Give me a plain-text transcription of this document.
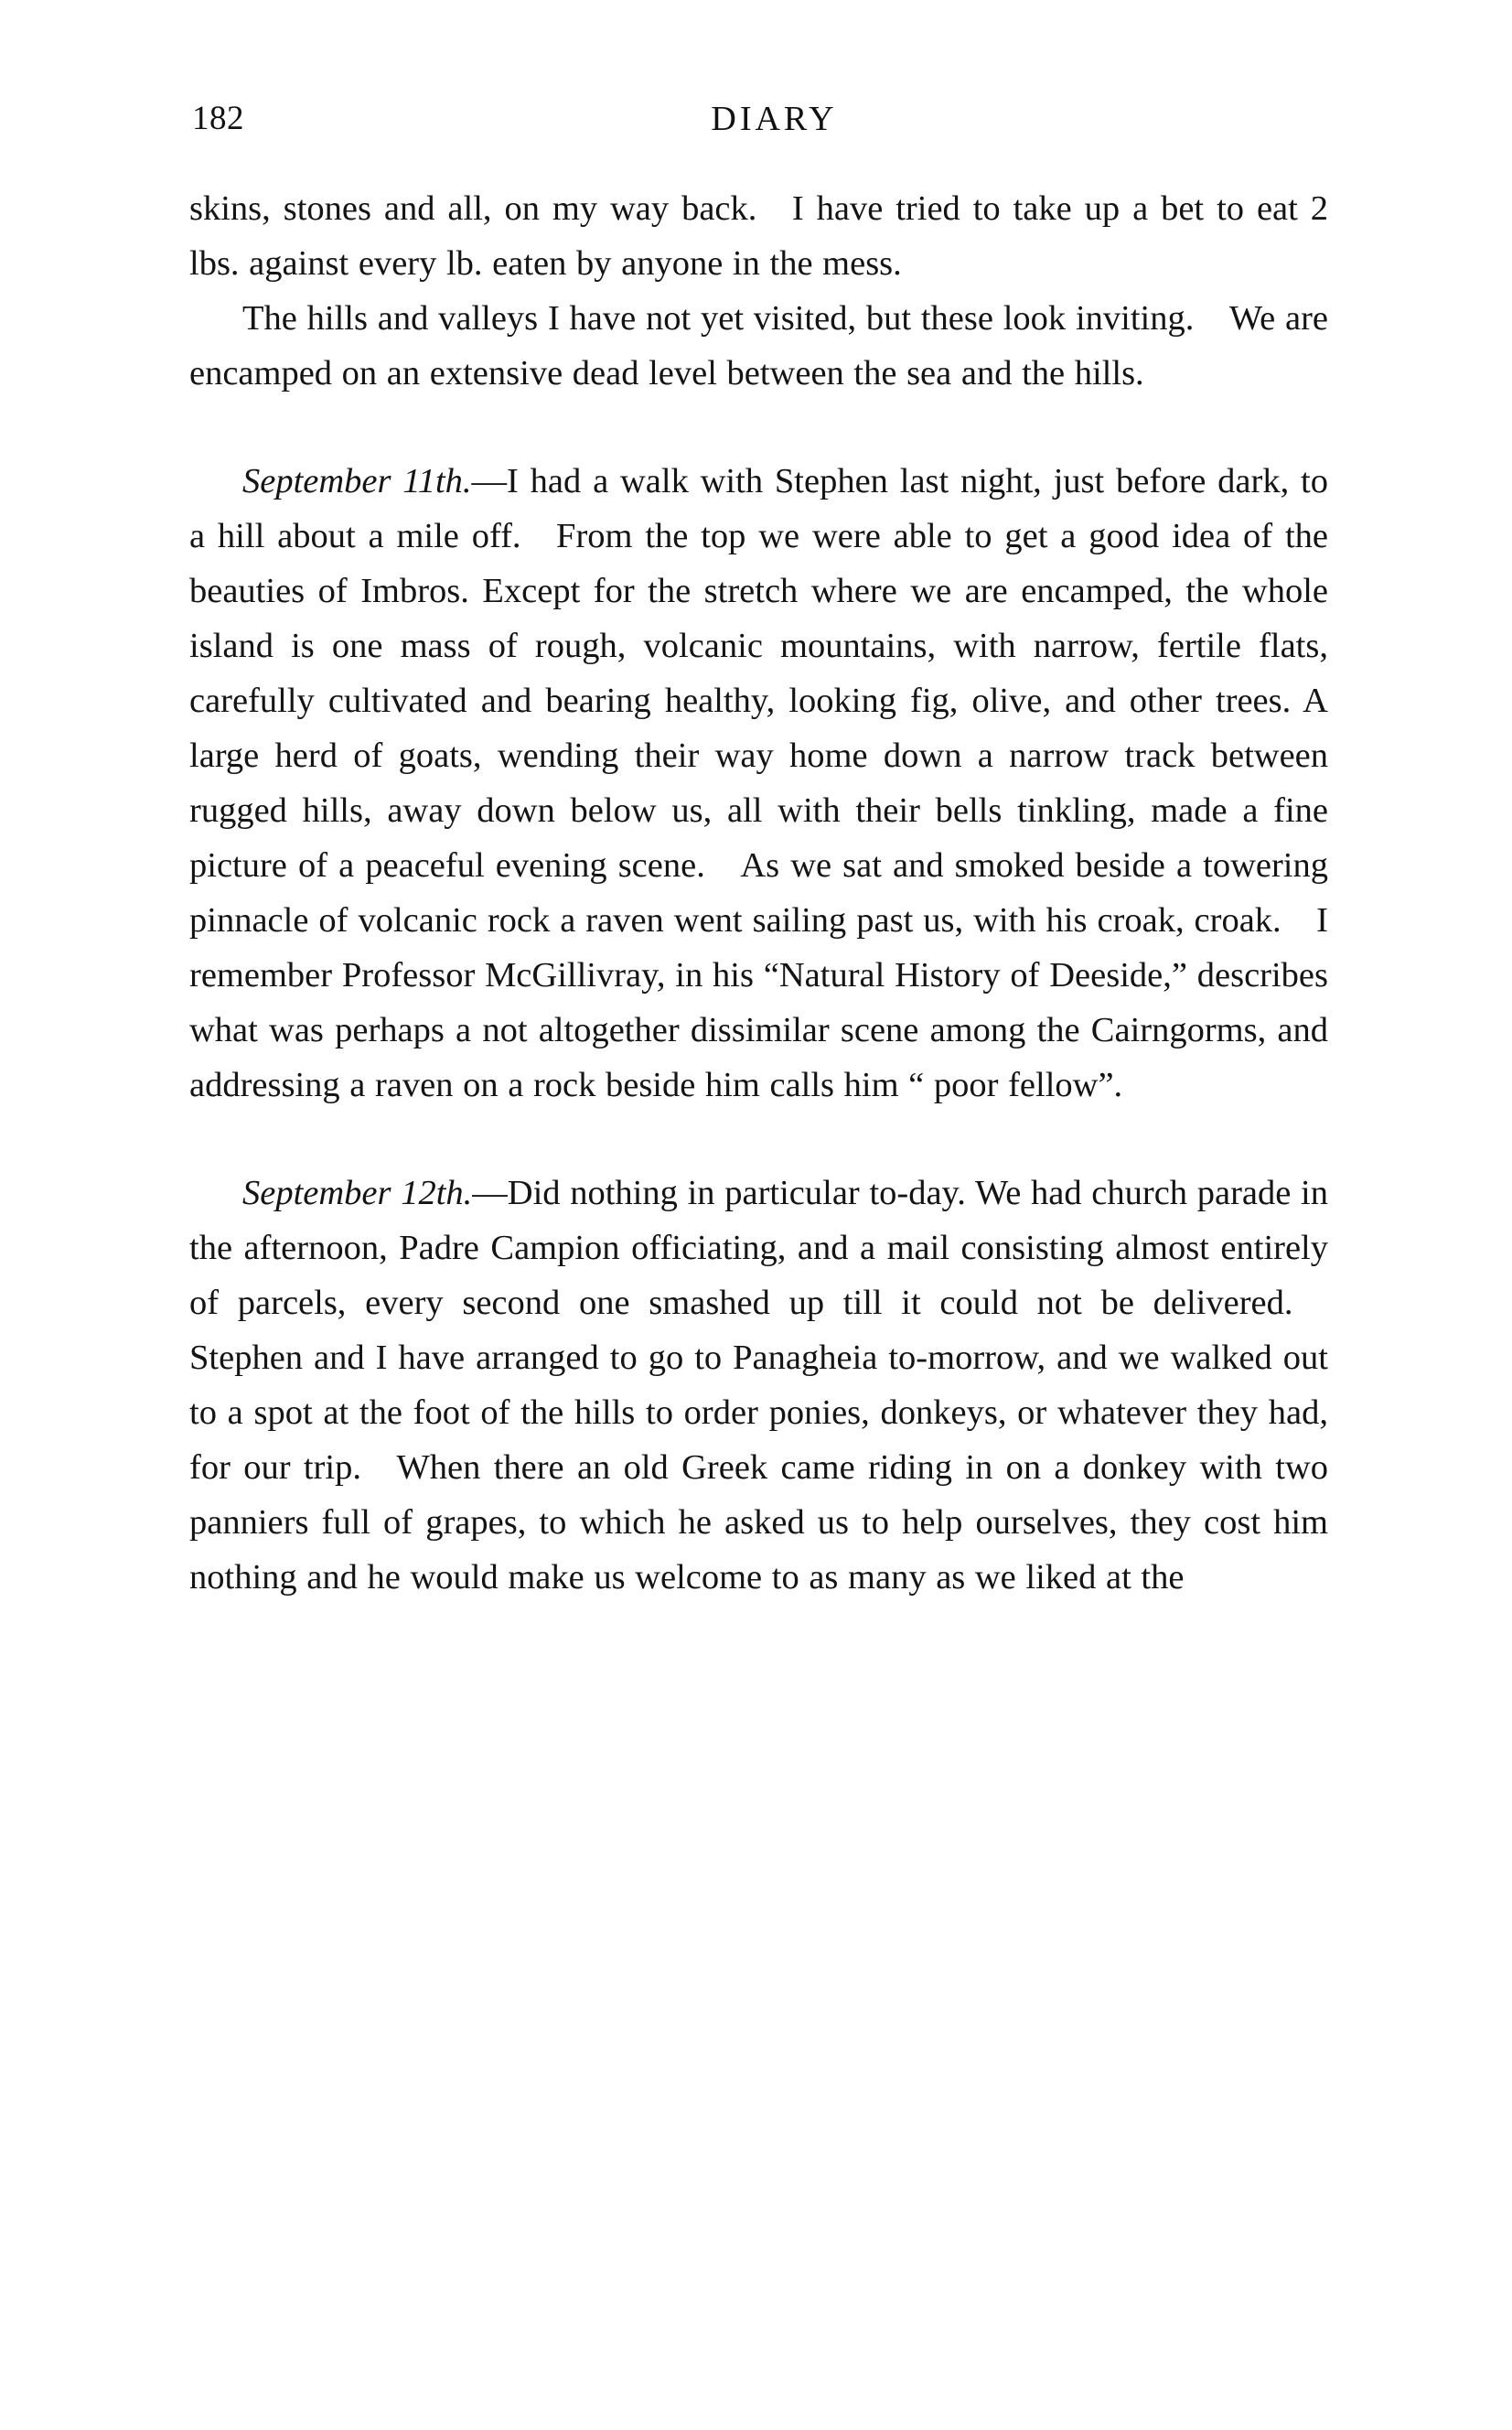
182	DIARY

skins, stones and all, on my way back. I have tried to take up a bet to eat 2 lbs. against every lb. eaten by anyone in the mess.

The hills and valleys I have not yet visited, but these look inviting. We are encamped on an extensive dead level between the sea and the hills.

September 11th.—I had a walk with Stephen last night, just before dark, to a hill about a mile off. From the top we were able to get a good idea of the beauties of Imbros. Except for the stretch where we are encamped, the whole island is one mass of rough, volcanic mountains, with narrow, fertile flats, carefully cultivated and bearing healthy, looking fig, olive, and other trees. A large herd of goats, wending their way home down a narrow track between rugged hills, away down below us, all with their bells tinkling, made a fine picture of a peaceful evening scene. As we sat and smoked beside a towering pinnacle of volcanic rock a raven went sailing past us, with his croak, croak. I remember Professor McGillivray, in his “Natural History of Deeside,” describes what was perhaps a not altogether dissimilar scene among the Cairngorms, and addressing a raven on a rock beside him calls him “ poor fellow”.

September 12th.—Did nothing in particular to-day. We had church parade in the afternoon, Padre Campion officiating, and a mail consisting almost entirely of parcels, every second one smashed up till it could not be delivered. Stephen and I have arranged to go to Panagheia to-morrow, and we walked out to a spot at the foot of the hills to order ponies, donkeys, or whatever they had, for our trip. When there an old Greek came riding in on a donkey with two panniers full of grapes, to which he asked us to help ourselves, they cost him nothing and he would make us welcome to as many as we liked at the
